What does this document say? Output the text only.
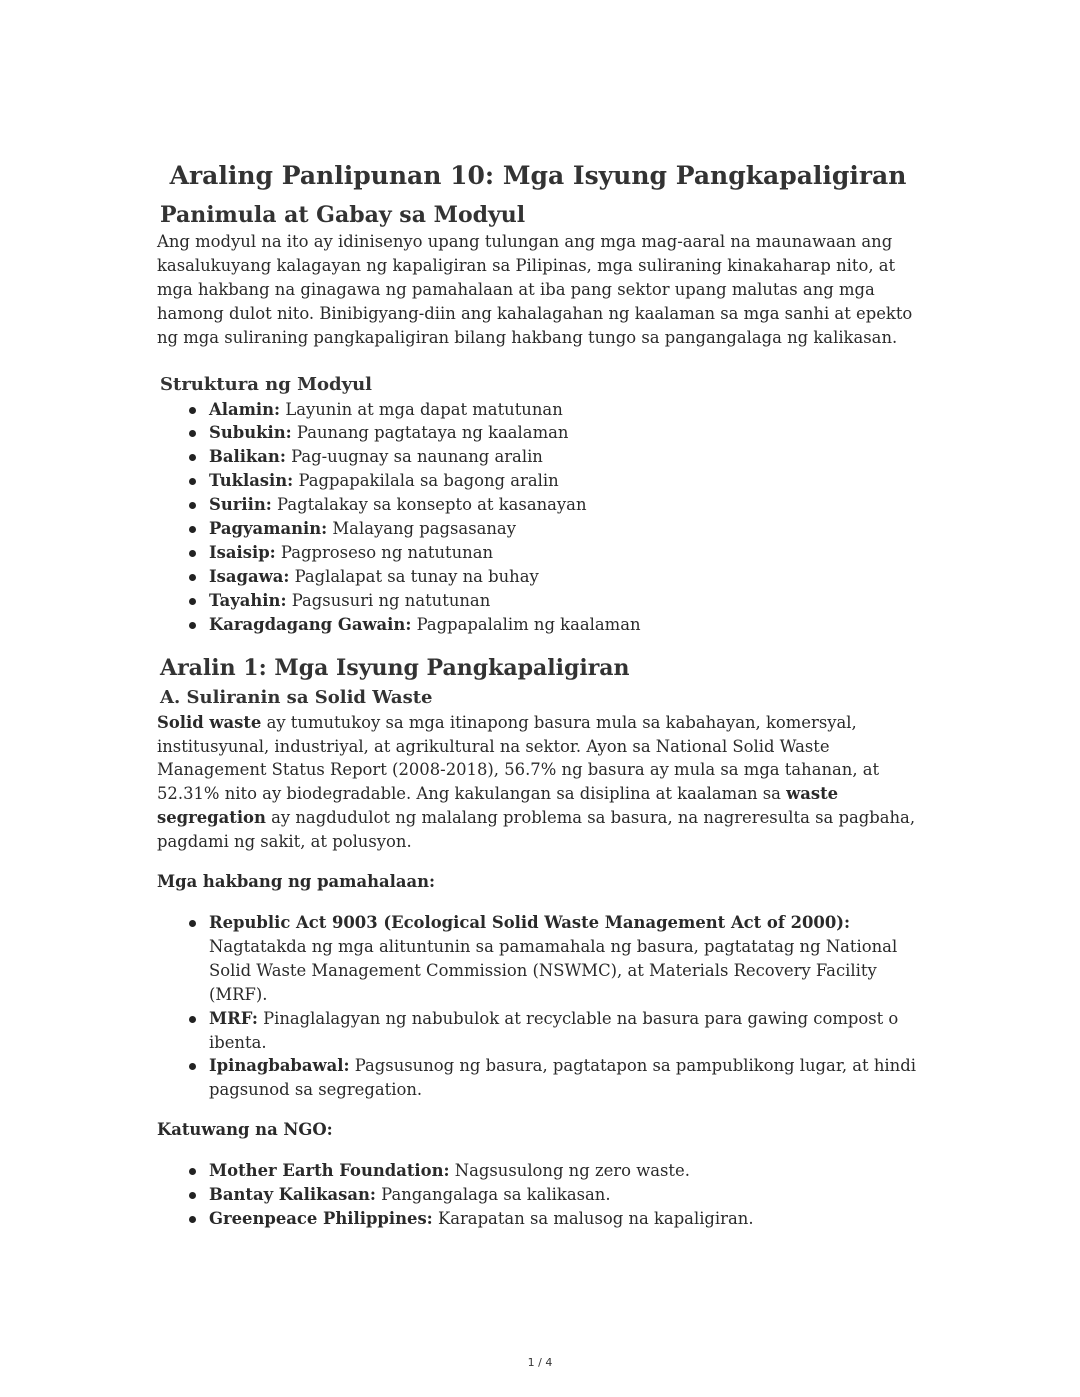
Araling Panlipunan 10: Mga Isyung Pangkapaligiran
Panimula at Gabay sa Modyul

Ang modyul na ito ay idinisenyo upang tulungan ang mga mag-aaral na maunawaan ang kasalukuyang kalagayan ng kapaligiran sa Pilipinas, mga suliraning kinakaharap nito, at mga hakbang na ginagawa ng pamahalaan at iba pang sektor upang malutas ang mga hamong dulot nito. Binibigyang-diin ang kahalagahan ng kaalaman sa mga sanhi at epekto ng mga suliraning pangkapaligiran bilang hakbang tungo sa pangangalaga ng kalikasan.

Struktura ng Modyul
Alamin: Layunin at mga dapat matutunan
Subukin: Paunang pagtataya ng kaalaman
Balikan: Pag-uugnay sa naunang aralin
Tuklasin: Pagpapakilala sa bagong aralin
Suriin: Pagtalakay sa konsepto at kasanayan
Pagyamanin: Malayang pagsasanay
Isaisip: Pagproseso ng natutunan
Isagawa: Paglalapat sa tunay na buhay
Tayahin: Pagsusuri ng natutunan
Karagdagang Gawain: Pagpapalalim ng kaalaman
Aralin 1: Mga Isyung Pangkapaligiran
A. Suliranin sa Solid Waste

Solid waste ay tumutukoy sa mga itinapong basura mula sa kabahayan, komersyal, institusyunal, industriyal, at agrikultural na sektor. Ayon sa National Solid Waste Management Status Report (2008-2018), 56.7% ng basura ay mula sa mga tahanan, at 52.31% nito ay biodegradable. Ang kakulangan sa disiplina at kaalaman sa waste segregation ay nagdudulot ng malalang problema sa basura, na nagreresulta sa pagbaha, pagdami ng sakit, at polusyon.

Mga hakbang ng pamahalaan:

Republic Act 9003 (Ecological Solid Waste Management Act of 2000): Nagtatakda ng mga alituntunin sa pamamahala ng basura, pagtatatag ng National Solid Waste Management Commission (NSWMC), at Materials Recovery Facility (MRF).
MRF: Pinaglalagyan ng nabubulok at recyclable na basura para gawing compost o ibenta.
Ipinagbabawal: Pagsusunog ng basura, pagtatapon sa pampublikong lugar, at hindi pagsunod sa segregation.

Katuwang na NGO:

Mother Earth Foundation: Nagsusulong ng zero waste.
Bantay Kalikasan: Pangangalaga sa kalikasan.
Greenpeace Philippines: Karapatan sa malusog na kapaligiran.
1 / 4
